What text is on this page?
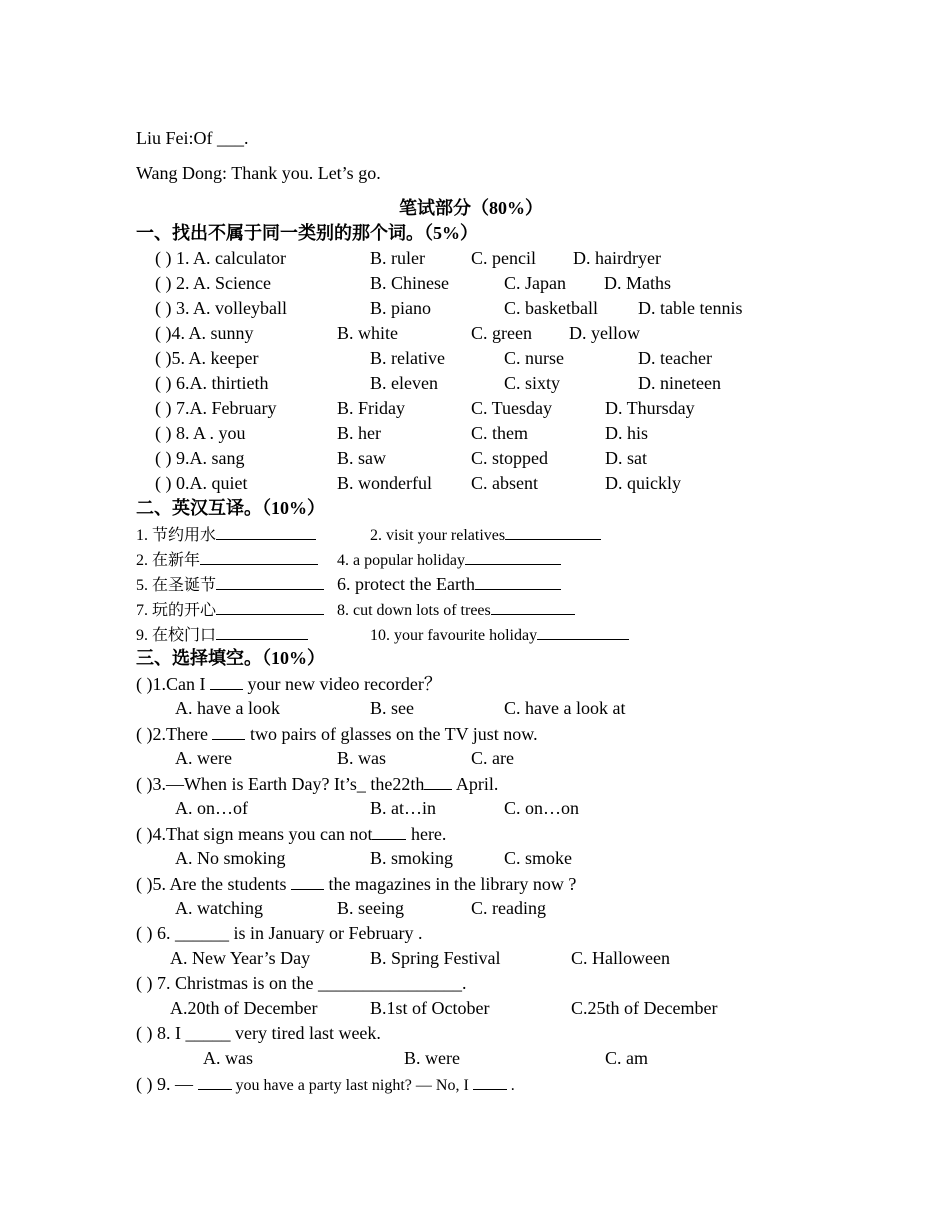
Liu Fei:Of ___.
Wang Dong: Thank you. Let’s go.
笔试部分（80%）
一、找出不属于同一类别的那个词。（5%）
( ) 1. A. calculator	B. ruler	C. pencil D. hairdryer
( ) 2. A. Science	B. Chinese	C. Japan D. Maths
( ) 3. A. volleyball	B. piano	C. basketball D. table tennis
( )4. A. sunny	B. white	C. green D. yellow
( )5. A. keeper	B. relative	C. nurse	D. teacher
( ) 6.A. thirtieth	B. eleven	C. sixty	D. nineteen
( ) 7.A. February	B. Friday	C. Tuesday	D. Thursday
( ) 8. A . you	B. her	C. them	D. his
( ) 9.A. sang	B. saw	C. stopped	D. sat
( ) 0.A. quiet	B. wonderful C. absent	D. quickly
二、英汉互译。（10%）
1. 节约用水	2. visit your relatives
2. 在新年	4. a popular holiday
5. 在圣诞节	6. protect the Earth
7. 玩的开心	8. cut down lots of trees
9. 在校门口	10. your favourite holiday
三、选择填空。（10%）
( )1.Can I  your new video recorder？
A. have a look	B. see	C. have a look at
( )2.There  two pairs of glasses on the TV just now.
A. were	B. was	C. are
( )3.—When is Earth Day? It’s_ the22th April.
A. on…of	B. at…in	C. on…on
( )4.That sign means you can not here.
A. No smoking	B. smoking	C. smoke
( )5. Are the students  the magazines in the library now ?
A. watching	B. seeing	C. reading
( ) 6. ______ is in January or February .
A. New Year’s Day	B. Spring Festival	C. Halloween
( ) 7. Christmas is on the ________________.
A.20th of December	B.1st of October	C.25th of December
( ) 8. I _____ very tired last week.
A. was	B. were	C. am
( ) 9. —  you have a party last night? — No, I  .
